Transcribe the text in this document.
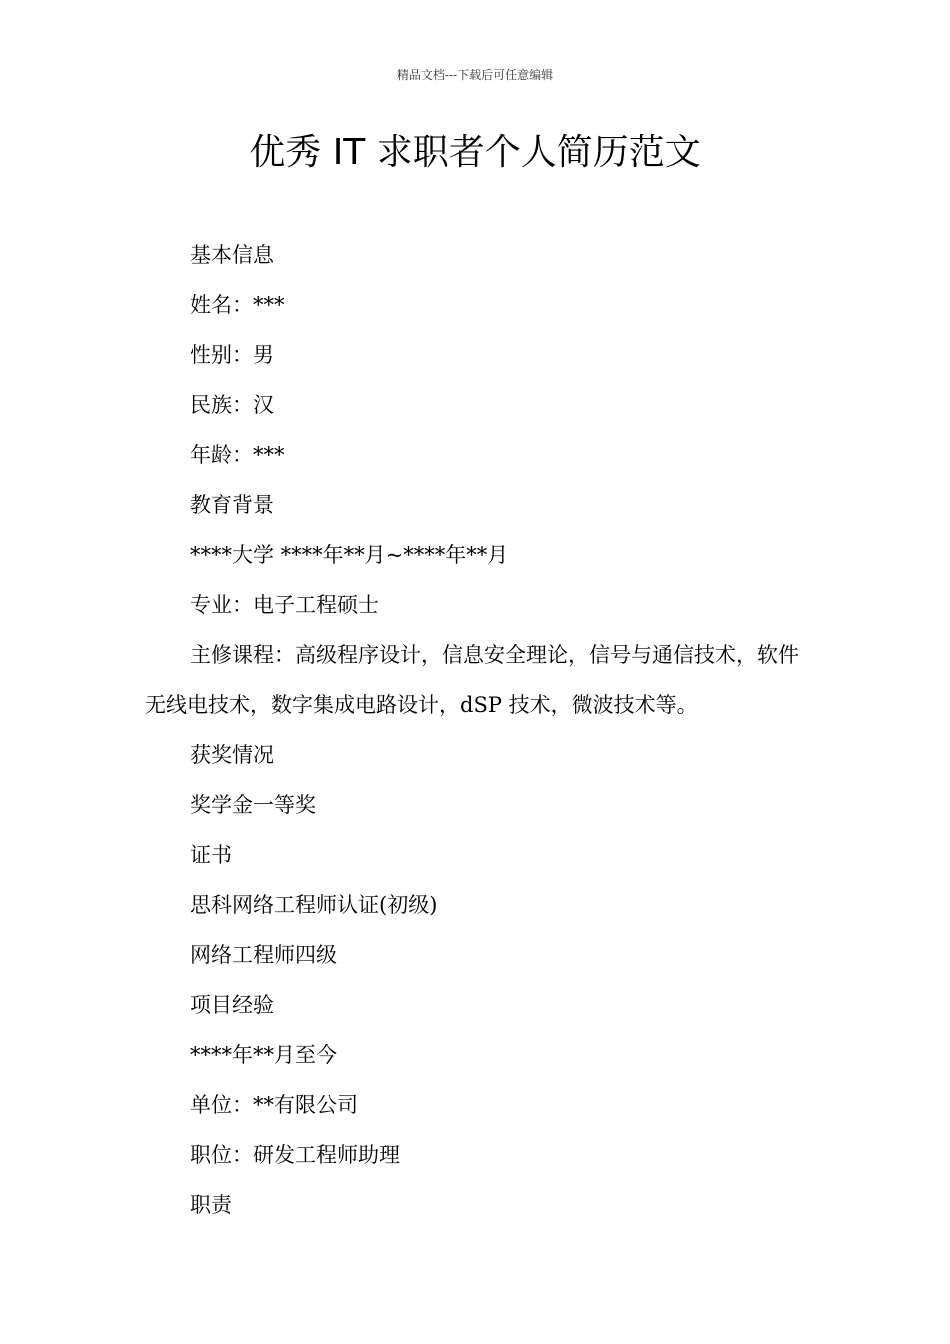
精品文档---下载后可任意编辑
优秀 IT 求职者个人简历范文

基本信息

姓名：***

性别：男

民族：汉

年龄：***

教育背景

****大学 ****年**月~****年**月

专业：电子工程硕士

主修课程：高级程序设计，信息安全理论，信号与通信技术，软件无线电技术，数字集成电路设计，dSP 技术，微波技术等。

获奖情况

奖学金一等奖

证书

思科网络工程师认证(初级)

网络工程师四级

项目经验

****年**月至今

单位：**有限公司

职位：研发工程师助理

职责
